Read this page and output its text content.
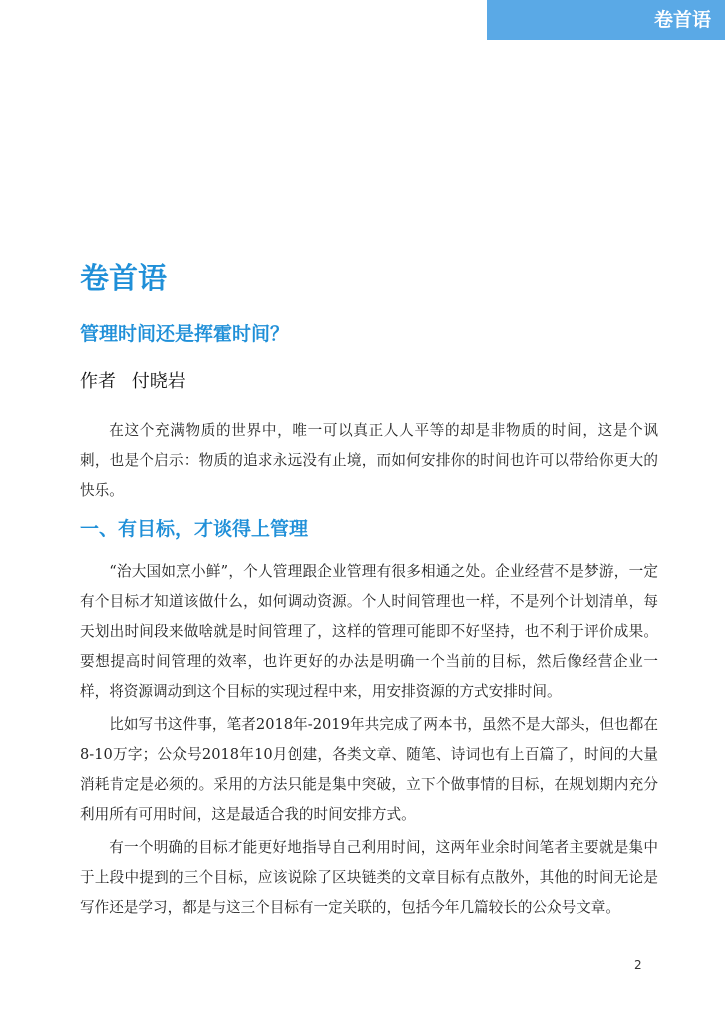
卷首语
卷首语
管理时间还是挥霍时间？

作者 付晓岩

在这个充满物质的世界中，唯一可以真正人人平等的却是非物质的时间，这是个讽刺，也是个启示：物质的追求永远没有止境，而如何安排你的时间也许可以带给你更大的快乐。

一、有目标，才谈得上管理

“治大国如烹小鲜”，个人管理跟企业管理有很多相通之处。企业经营不是梦游，一定有个目标才知道该做什么，如何调动资源。个人时间管理也一样，不是列个计划清单，每天划出时间段来做啥就是时间管理了，这样的管理可能即不好坚持，也不利于评价成果。要想提高时间管理的效率，也许更好的办法是明确一个当前的目标，然后像经营企业一样，将资源调动到这个目标的实现过程中来，用安排资源的方式安排时间。

比如写书这件事，笔者2018年-2019年共完成了两本书，虽然不是大部头，但也都在8-10万字；公众号2018年10月创建，各类文章、随笔、诗词也有上百篇了，时间的大量消耗肯定是必须的。采用的方法只能是集中突破，立下个做事情的目标，在规划期内充分利用所有可用时间，这是最适合我的时间安排方式。

有一个明确的目标才能更好地指导自己利用时间，这两年业余时间笔者主要就是集中于上段中提到的三个目标，应该说除了区块链类的文章目标有点散外，其他的时间无论是写作还是学习，都是与这三个目标有一定关联的，包括今年几篇较长的公众号文章。

2
